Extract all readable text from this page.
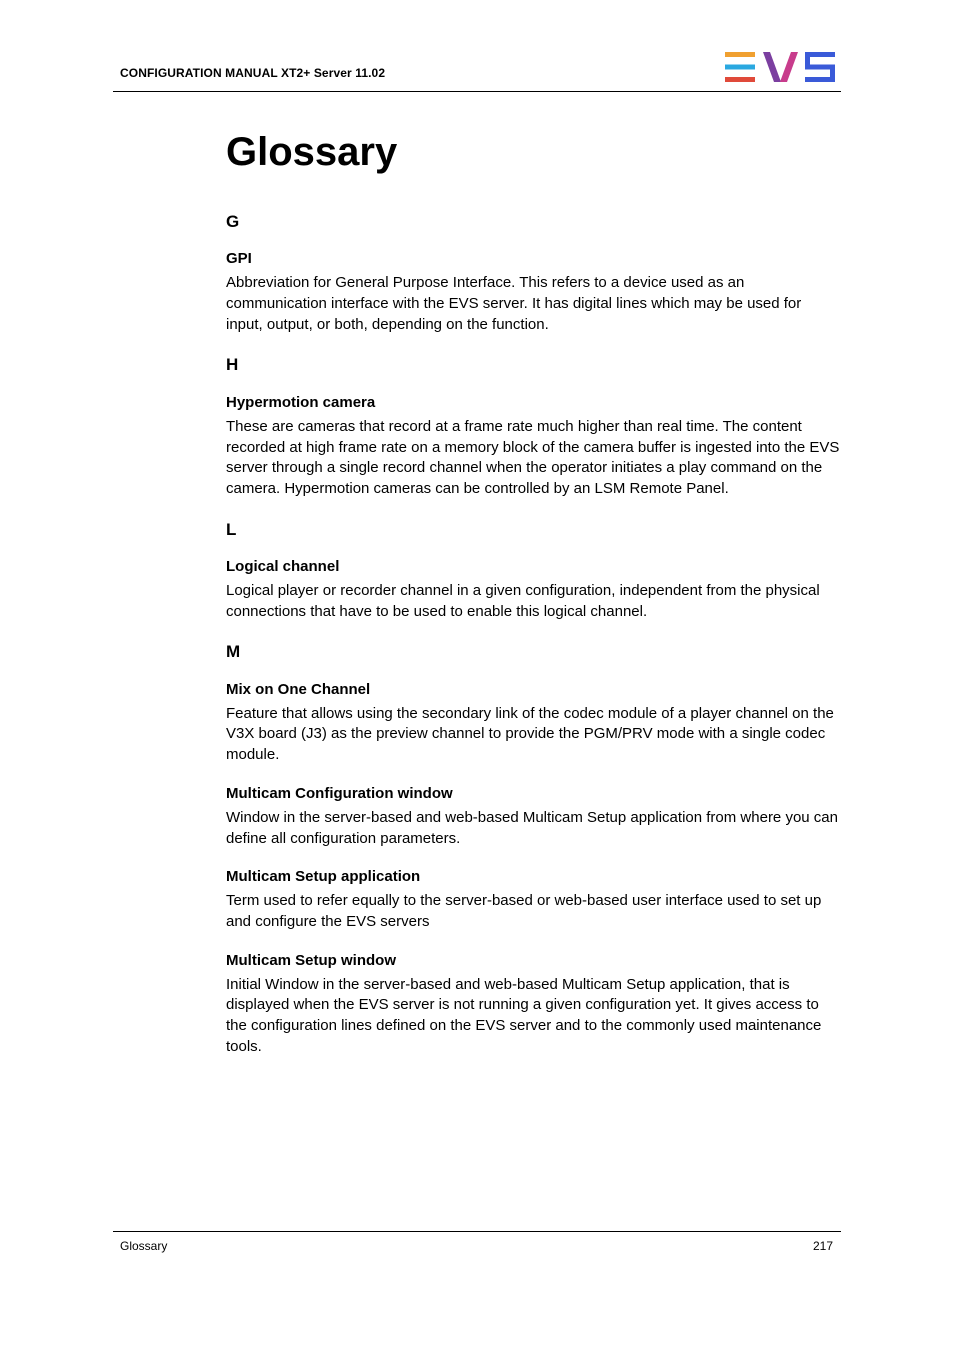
CONFIGURATION MANUAL XT2+ Server 11.02
Glossary
G
GPI

Abbreviation for General Purpose Interface. This refers to a device used as an communication interface with the EVS server. It has digital lines which may be used for input, output, or both, depending on the function.

H
Hypermotion camera

These are cameras that record at a frame rate much higher than real time. The content recorded at high frame rate on a memory block of the camera buffer is ingested into the EVS server through a single record channel when the operator initiates a play command on the camera. Hypermotion cameras can be controlled by an LSM Remote Panel.

L
Logical channel

Logical player or recorder channel in a given configuration, independent from the physical connections that have to be used to enable this logical channel.

M
Mix on One Channel

Feature that allows using the secondary link of the codec module of a player channel on the V3X board (J3) as the preview channel to provide the PGM/PRV mode with a single codec module.

Multicam Configuration window

Window in the server-based and web-based Multicam Setup application from where you can define all configuration parameters.

Multicam Setup application

Term used to refer equally to the server-based or web-based user interface used to set up and configure the EVS servers

Multicam Setup window

Initial Window in the server-based and web-based Multicam Setup application, that is displayed when the EVS server is not running a given configuration yet. It gives access to the configuration lines defined on the EVS server and to the commonly used maintenance tools.

Glossary	217
